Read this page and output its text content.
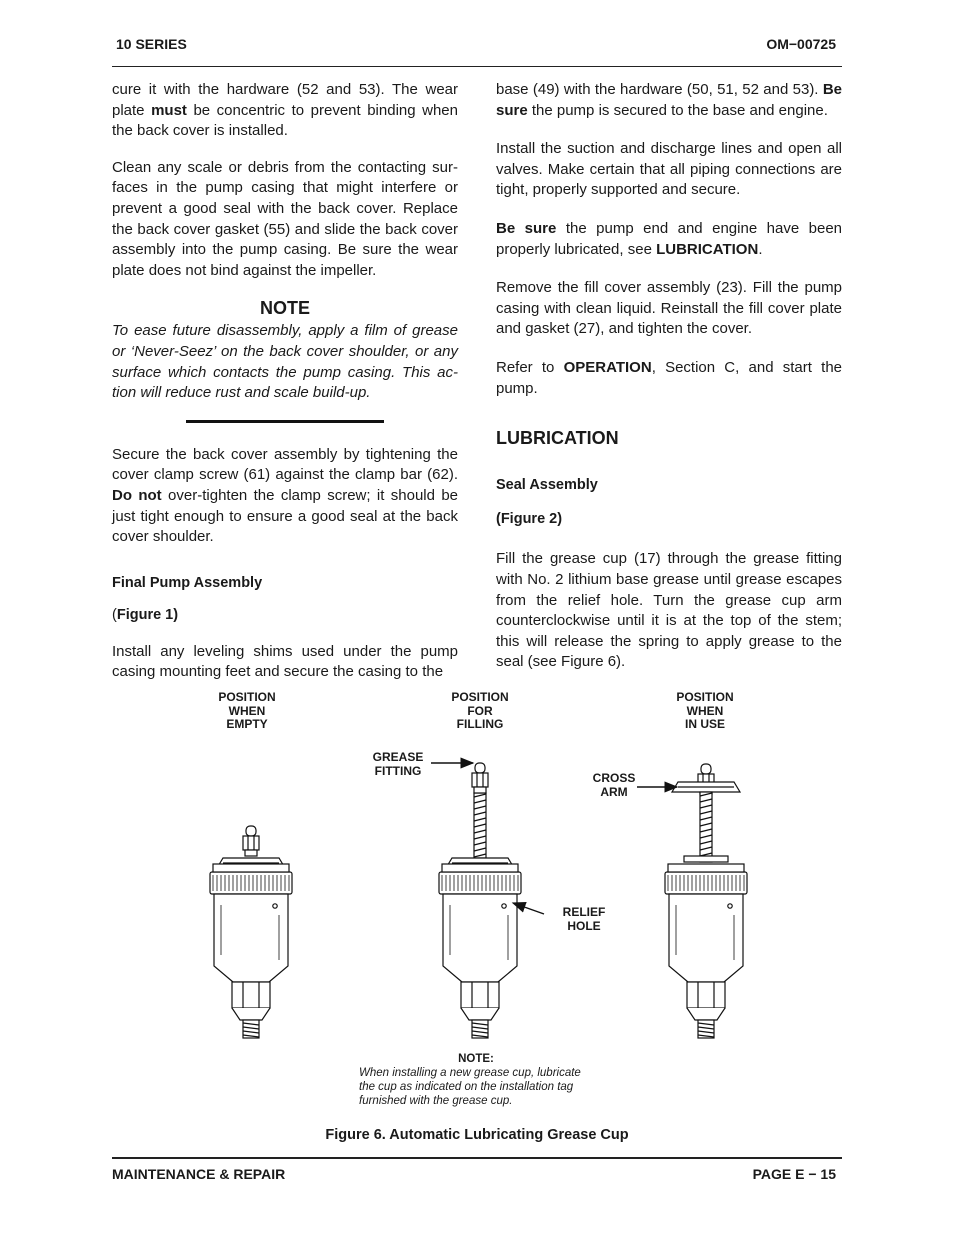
10 SERIES	OM−00725

cure it with the hardware (52 and 53). The wear plate must be concentric to prevent binding when the back cover is installed.

Clean any scale or debris from the contacting surfaces in the pump casing that might interfere or prevent a good seal with the back cover. Replace the back cover gasket (55) and slide the back cover assembly into the pump casing. Be sure the wear plate does not bind against the impeller.

NOTE

To ease future disassembly, apply a film of grease or ‘Never-Seez’ on the back cover shoulder, or any surface which contacts the pump casing. This action will reduce rust and scale build-up.

Secure the back cover assembly by tightening the cover clamp screw (61) against the clamp bar (62). Do not over-tighten the clamp screw; it should be just tight enough to ensure a good seal at the back cover shoulder.

Final Pump Assembly
(Figure 1)

Install any leveling shims used under the pump casing mounting feet and secure the casing to the

base (49) with the hardware (50, 51, 52 and 53). Be sure the pump is secured to the base and engine.

Install the suction and discharge lines and open all valves. Make certain that all piping connections are tight, properly supported and secure.

Be sure the pump end and engine have been properly lubricated, see LUBRICATION.

Remove the fill cover assembly (23). Fill the pump casing with clean liquid. Reinstall the fill cover plate and gasket (27), and tighten the cover.

Refer to OPERATION, Section C, and start the pump.

LUBRICATION
Seal Assembly
(Figure 2)

Fill the grease cup (17) through the grease fitting with No. 2 lithium base grease until grease escapes from the relief hole. Turn the grease cup arm counterclockwise until it is at the top of the stem; this will release the spring to apply grease to the seal (see Figure 6).

POSITION
WHEN
EMPTY
POSITION
FOR
FILLING
POSITION
WHEN
IN USE
GREASE
FITTING
CROSS
ARM
RELIEF
HOLE
NOTE:
When installing a new grease cup, lubricate
the cup as indicated on the installation tag
furnished with the grease cup.
Figure 6. Automatic Lubricating Grease Cup
MAINTENANCE & REPAIR	PAGE E − 15
